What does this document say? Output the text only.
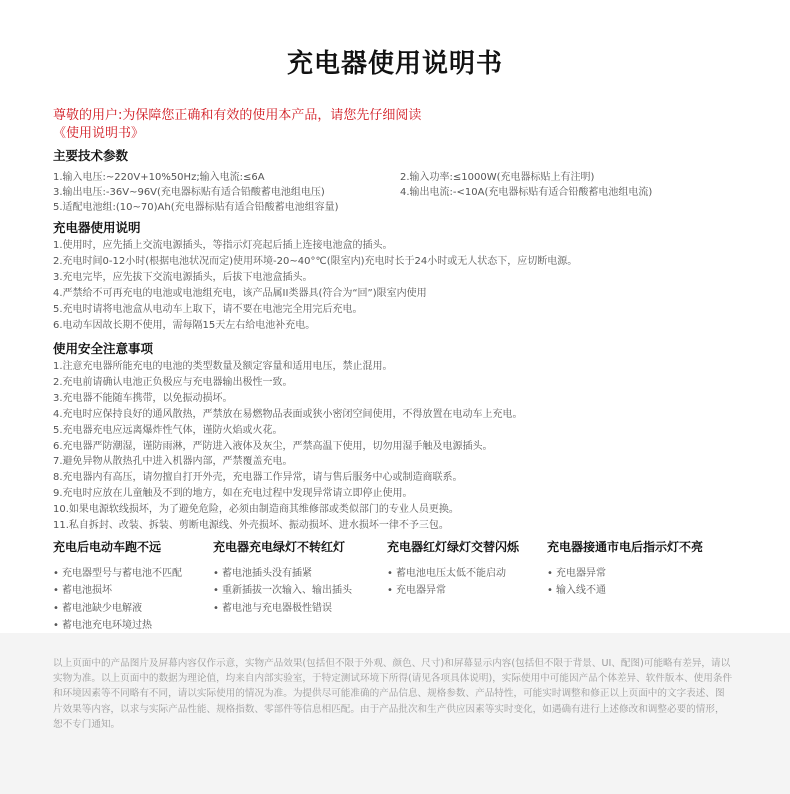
充电器使用说明书
尊敬的用户:为保障您正确和有效的使用本产品，请您先仔细阅读《使用说明书》
主要技术参数
1.输入电压:~220V+10%50Hz;输入电流:≤6A	2.输入功率:≤1000W(充电器标贴上有注明)
3.输出电压:-36V~96V(充电器标贴有适合铅酸蓄电池组电压)	4.输出电流:-<10A(充电器标贴有适合铅酸蓄电池组电流)
5.适配电池组:(10~70)Ah(充电器标贴有适合铅酸蓄电池组容量)
充电器使用说明
1.使用时，应先插上交流电源插头，等指示灯亮起后插上连接电池盒的插头。
2.充电时间0-12小时(根据电池状况而定)使用环境-20~40°℃(限室内)充电时长于24小时或无人状态下，应切断电源。
3.充电完毕，应先拔下交流电源插头，后拔下电池盒插头。
4.严禁给不可再充电的电池或电池组充电，该产品属II类器具(符合为“回”)限室内使用
5.充电时请将电池盒从电动车上取下，请不要在电池完全用完后充电。
6.电动车因故长期不使用，需每隔15天左右给电池补充电。
使用安全注意事项
1.注意充电器所能充电的电池的类型数量及额定容量和适用电压，禁止混用。
2.充电前请确认电池正负极应与充电器输出极性一致。
3.充电器不能随车携带，以免振动损坏。
4.充电时应保持良好的通风散热，严禁放在易燃物品表面或狭小密闭空间使用，不得放置在电动车上充电。
5.充电器充电应远离爆炸性气体，谨防火焰或火花。
6.充电器严防潮湿，谨防雨淋，严防进入液体及灰尘，严禁高温下使用，切勿用湿手触及电源插头。
7.避免异物从散热孔中进入机器内部，严禁覆盖充电。
8.充电器内有高压，请勿擅自打开外壳，充电器工作异常，请与售后服务中心或制造商联系。
9.充电时应放在儿童触及不到的地方，如在充电过程中发现异常请立即停止使用。
10.如果电源软线损坏，为了避免危险，必须由制造商其维修部或类似部门的专业人员更换。
11.私自拆封、改装、拆装、剪断电源线、外壳损坏、振动损坏、进水损坏一律不予三包。
充电后电动车跑不远
• 充电器型号与蓄电池不匹配
• 蓄电池损坏
• 蓄电池缺少电解液
• 蓄电池充电环境过热
充电器充电绿灯不转红灯
• 蓄电池插头没有插紧
• 重新插拔一次输入、输出插头
• 蓄电池与充电器极性错误
充电器红灯绿灯交替闪烁
• 蓄电池电压太低不能启动
• 充电器异常
充电器接通市电后指示灯不亮
• 充电器异常
• 输入线不通
以上页面中的产品图片及屏幕内容仅作示意，实物产品效果(包括但不限于外观、颜色、尺寸)和屏幕显示内容(包括但不限于背景、UI、配图)可能略有差异，请以实物为准。以上页面中的数据为理论值，均来自内部实验室，于特定测试环境下所得(请见各项具体说明)，实际使用中可能因产品个体差异、软件版本、使用条件和环境因素等不同略有不同，请以实际使用的情况为准。为提供尽可能准确的产品信息、规格参数、产品特性，可能实时调整和修正以上页面中的文字表述、图片效果等内容，以求与实际产品性能、规格指数、零部件等信息相匹配。由于产品批次和生产供应因素等实时变化，如遇确有进行上述修改和调整必要的情形，恕不专门通知。
